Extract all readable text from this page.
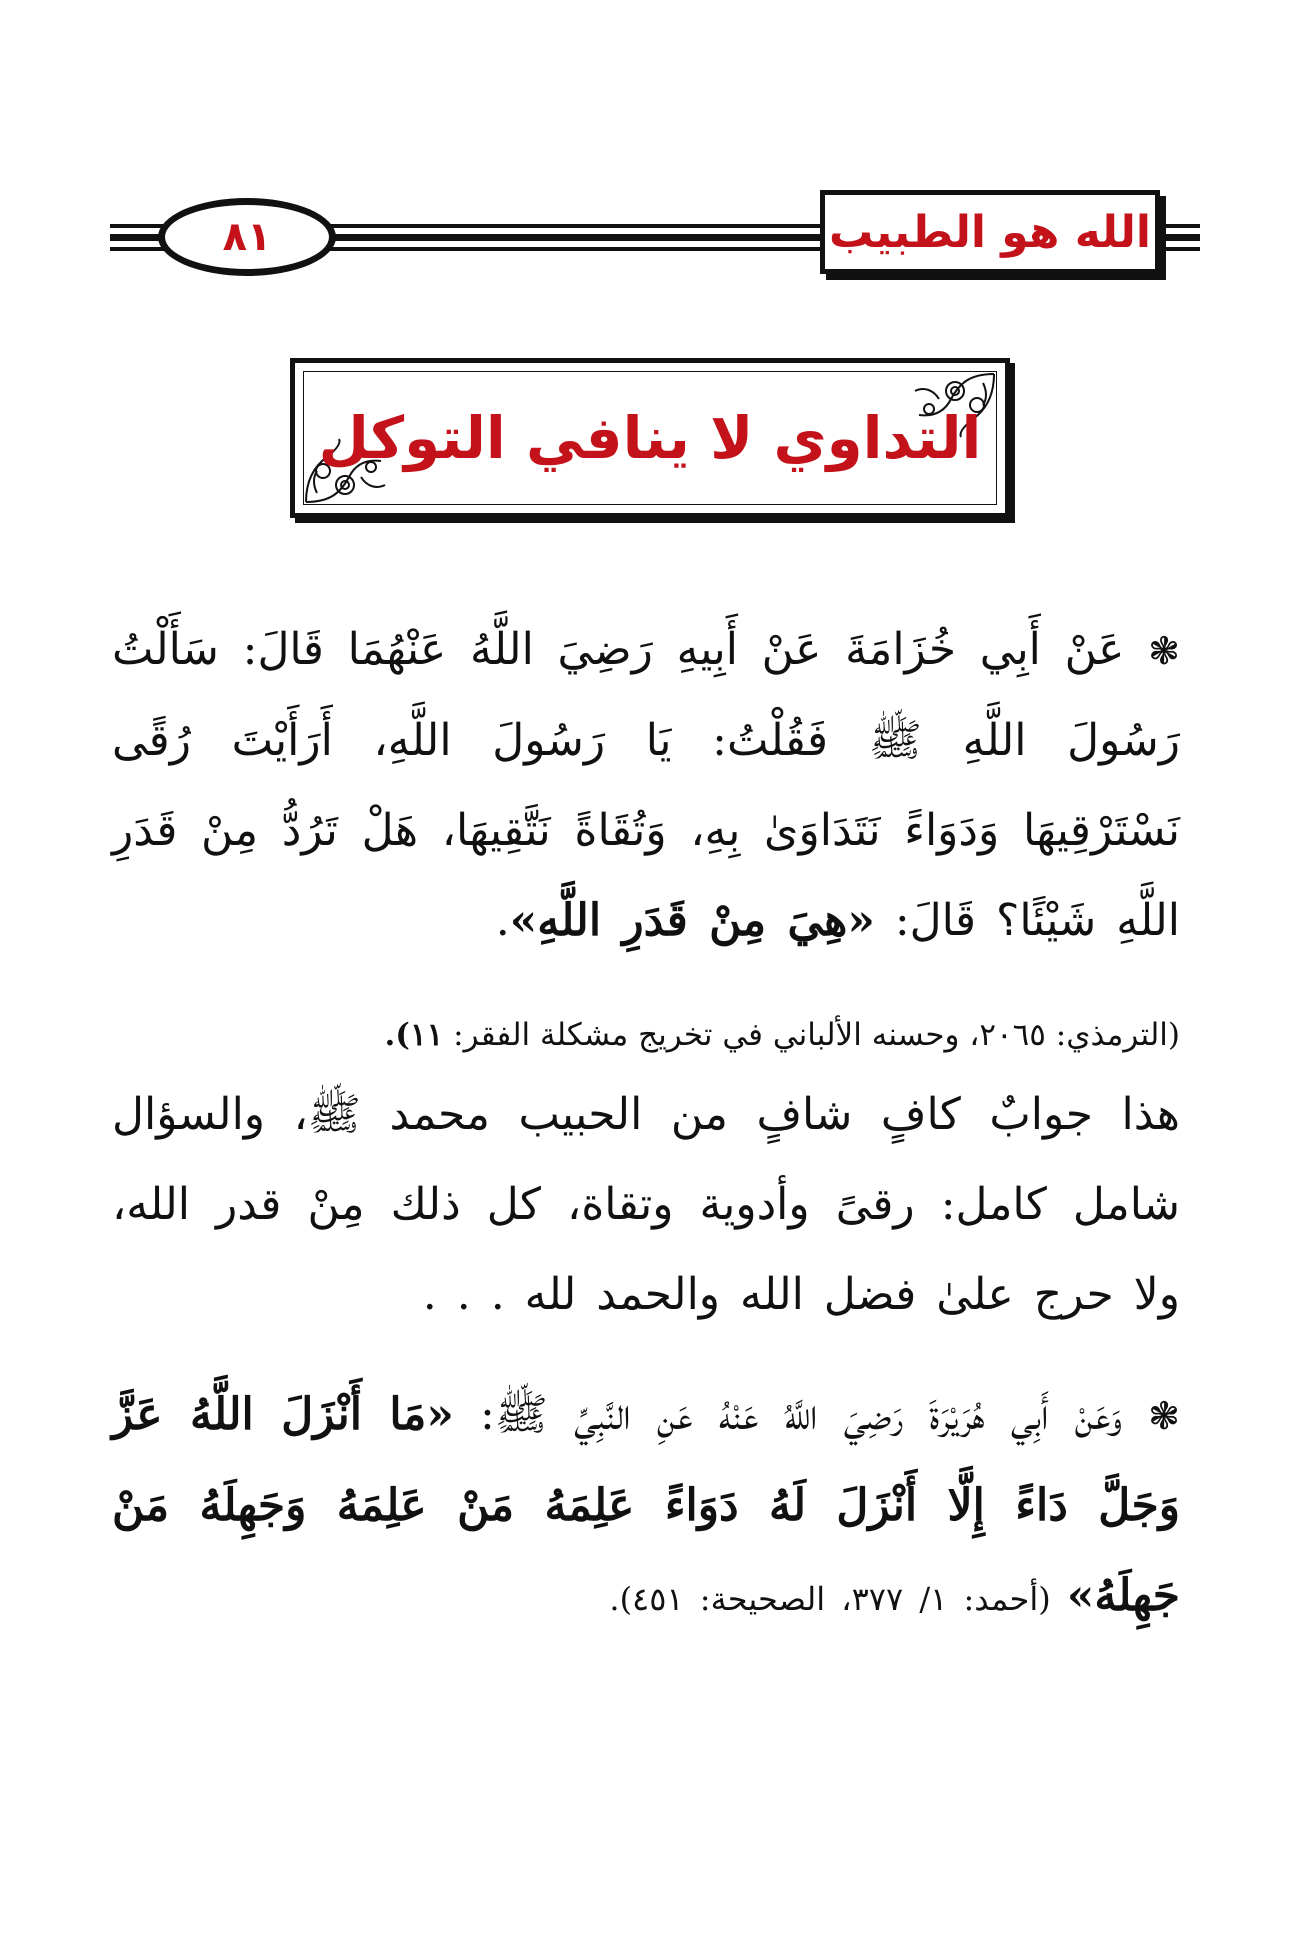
٨١	الله هو الطبيب
التداوي لا ينافي التوكل
❃ عَنْ أَبِي خُزَامَةَ عَنْ أَبِيهِ رَضِيَ اللَّهُ عَنْهُمَا قَالَ: سَأَلْتُ رَسُولَ اللَّهِ ﷺ فَقُلْتُ: يَا رَسُولَ اللَّهِ، أَرَأَيْتَ رُقًى نَسْتَرْقِيهَا وَدَوَاءً نَتَدَاوَىٰ بِهِ، وَتُقَاةً نَتَّقِيهَا، هَلْ تَرُدُّ مِنْ قَدَرِ اللَّهِ شَيْئًا؟ قَالَ: «هِيَ مِنْ قَدَرِ اللَّهِ».
(الترمذي: ٢٠٦٥، وحسنه الألباني في تخريج مشكلة الفقر: ١١).
هذا جوابٌ كافٍ شافٍ من الحبيب محمد ﷺ، والسؤال شامل كامل: رقىً وأدوية وتقاة، كل ذلك مِنْ قدر الله، ولا حرج علىٰ فضل الله والحمد لله . . .
❃ وَعَنْ أَبِي هُرَيْرَةَ رَضِيَ اللَّهُ عَنْهُ عَنِ النَّبِيِّ ﷺ: «مَا أَنْزَلَ اللَّهُ عَزَّ وَجَلَّ دَاءً إِلَّا أَنْزَلَ لَهُ دَوَاءً عَلِمَهُ مَنْ عَلِمَهُ وَجَهِلَهُ مَنْ جَهِلَهُ» (أحمد: ١/ ٣٧٧، الصحيحة: ٤٥١).
